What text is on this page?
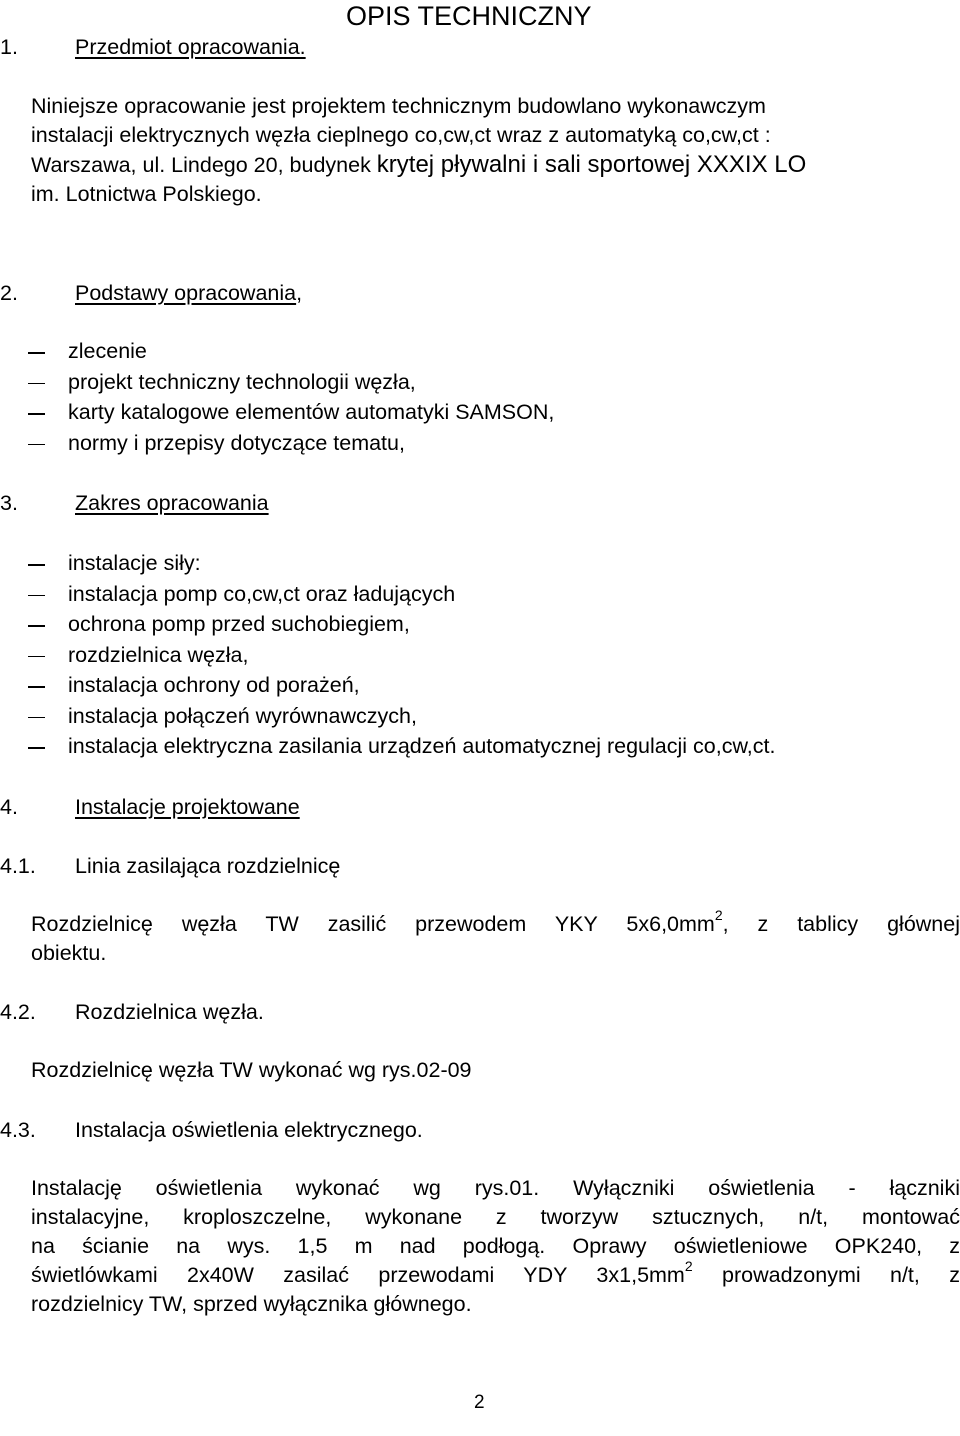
OPIS TECHNICZNY
1.	Przedmiot opracowania.
Niniejsze opracowanie jest projektem technicznym budowlano wykonawczym
instalacji elektrycznych węzła cieplnego co,cw,ct wraz z automatyką co,cw,ct :
Warszawa, ul. Lindego 20, budynek krytej pływalni i sali sportowej XXXIX LO
im. Lotnictwa Polskiego.
2.	Podstawy opracowania,
zlecenie
projekt techniczny technologii węzła,
karty katalogowe elementów automatyki SAMSON,
normy i przepisy dotyczące tematu,
3.	Zakres opracowania
instalacje siły:
instalacja pomp co,cw,ct oraz ładujących
ochrona pomp przed suchobiegiem,
rozdzielnica węzła,
instalacja ochrony od porażeń,
instalacja połączeń wyrównawczych,
instalacja elektryczna zasilania urządzeń automatycznej regulacji co,cw,ct.
4.	Instalacje projektowane
4.1. Linia zasilająca rozdzielnicę
Rozdzielnicę węzła TW zasilić przewodem YKY $5x6,0mm^2$, z tablicy głównej
obiektu.
4.2. Rozdzielnica węzła.
Rozdzielnicę węzła TW wykonać wg rys.02-09
4.3. Instalacja oświetlenia elektrycznego.
Instalację oświetlenia wykonać wg rys.01. Wyłączniki oświetlenia - łączniki
instalacyjne, kroploszczelne, wykonane z tworzyw sztucznych, n/t, montować
na ścianie na wys. 1,5 m nad podłogą. Oprawy oświetleniowe OPK240, z
świetlówkami 2x40W zasilać przewodami YDY $3x1,5mm^2$ prowadzonymi n/t, z
rozdzielnicy TW, sprzed wyłącznika głównego.
2
